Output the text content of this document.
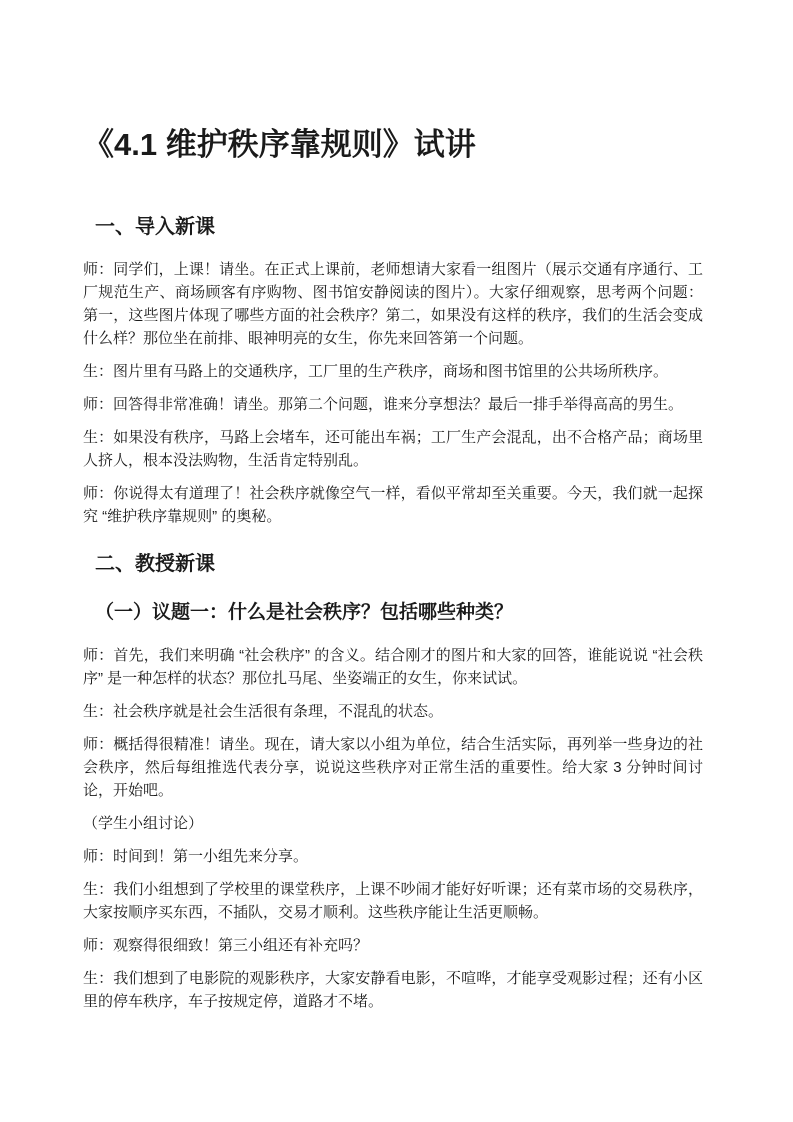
《4.1 维护秩序靠规则》试讲
一、导入新课

师：同学们，上课！请坐。在正式上课前，老师想请大家看一组图片（展示交通有序通行、工厂规范生产、商场顾客有序购物、图书馆安静阅读的图片）。大家仔细观察，思考两个问题：第一，这些图片体现了哪些方面的社会秩序？第二，如果没有这样的秩序，我们的生活会变成什么样？那位坐在前排、眼神明亮的女生，你先来回答第一个问题。

生：图片里有马路上的交通秩序，工厂里的生产秩序，商场和图书馆里的公共场所秩序。

师：回答得非常准确！请坐。那第二个问题，谁来分享想法？最后一排手举得高高的男生。

生：如果没有秩序，马路上会堵车，还可能出车祸；工厂生产会混乱，出不合格产品；商场里人挤人，根本没法购物，生活肯定特别乱。

师：你说得太有道理了！社会秩序就像空气一样，看似平常却至关重要。今天，我们就一起探究 “维护秩序靠规则” 的奥秘。

二、教授新课
（一）议题一：什么是社会秩序？包括哪些种类？

师：首先，我们来明确 “社会秩序” 的含义。结合刚才的图片和大家的回答，谁能说说 “社会秩序” 是一种怎样的状态？那位扎马尾、坐姿端正的女生，你来试试。

生：社会秩序就是社会生活很有条理，不混乱的状态。

师：概括得很精准！请坐。现在，请大家以小组为单位，结合生活实际，再列举一些身边的社会秩序，然后每组推选代表分享，说说这些秩序对正常生活的重要性。给大家 3 分钟时间讨论，开始吧。

（学生小组讨论）

师：时间到！第一小组先来分享。

生：我们小组想到了学校里的课堂秩序，上课不吵闹才能好好听课；还有菜市场的交易秩序，大家按顺序买东西，不插队，交易才顺利。这些秩序能让生活更顺畅。

师：观察得很细致！第三小组还有补充吗？

生：我们想到了电影院的观影秩序，大家安静看电影，不喧哗，才能享受观影过程；还有小区里的停车秩序，车子按规定停，道路才不堵。
